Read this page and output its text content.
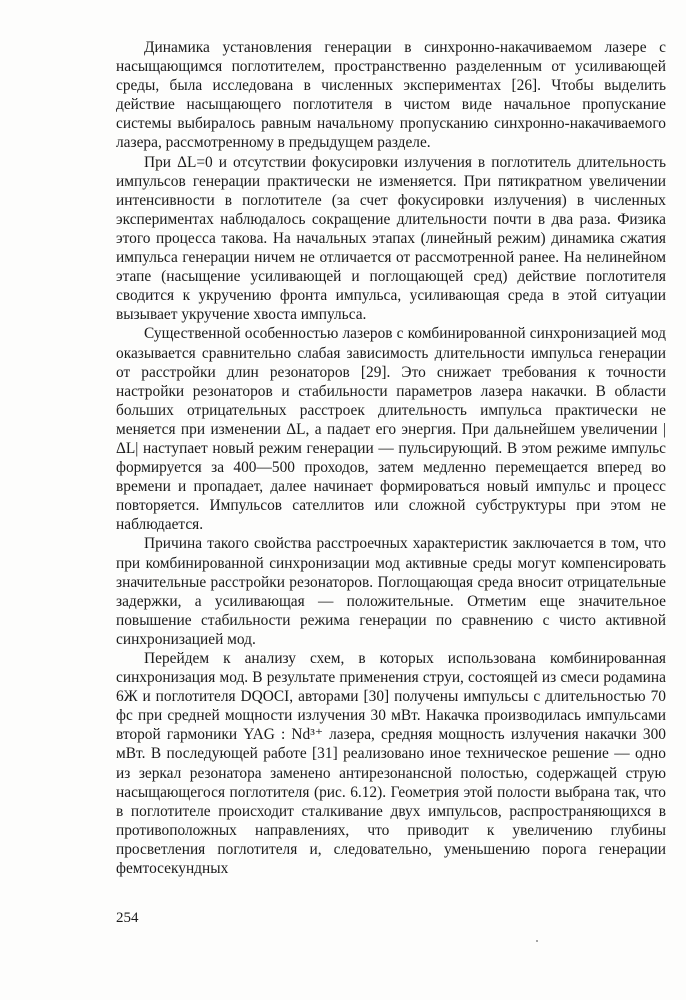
Динамика установления генерации в синхронно-накачиваемом лазере с насыщающимся поглотителем, пространственно разделенным от усиливающей среды, была исследована в численных экспериментах [26]. Чтобы выделить действие насыщающего поглотителя в чистом виде начальное пропускание системы выбиралось равным начальному пропусканию синхронно-накачиваемого лазера, рассмотренному в предыдущем разделе.

При ΔL=0 и отсутствии фокусировки излучения в поглотитель длительность импульсов генерации практически не изменяется. При пятикратном увеличении интенсивности в поглотителе (за счет фокусировки излучения) в численных экспериментах наблюдалось сокращение длительности почти в два раза. Физика этого процесса такова. На начальных этапах (линейный режим) динамика сжатия импульса генерации ничем не отличается от рассмотренной ранее. На нелинейном этапе (насыщение усиливающей и поглощающей сред) действие поглотителя сводится к укручению фронта импульса, усиливающая среда в этой ситуации вызывает укручение хвоста импульса.

Существенной особенностью лазеров с комбинированной синхронизацией мод оказывается сравнительно слабая зависимость длительности импульса генерации от расстройки длин резонаторов [29]. Это снижает требования к точности настройки резонаторов и стабильности параметров лазера накачки. В области больших отрицательных расстроек длительность импульса практически не меняется при изменении ΔL, а падает его энергия. При дальнейшем увеличении |ΔL| наступает новый режим генерации — пульсирующий. В этом режиме импульс формируется за 400—500 проходов, затем медленно перемещается вперед во времени и пропадает, далее начинает формироваться новый импульс и процесс повторяется. Импульсов сателлитов или сложной субструктуры при этом не наблюдается.

Причина такого свойства расстроечных характеристик заключается в том, что при комбинированной синхронизации мод активные среды могут компенсировать значительные расстройки резонаторов. Поглощающая среда вносит отрицательные задержки, а усиливающая — положительные. Отметим еще значительное повышение стабильности режима генерации по сравнению с чисто активной синхронизацией мод.

Перейдем к анализу схем, в которых использована комбинированная синхронизация мод. В результате применения струи, состоящей из смеси родамина 6Ж и поглотителя DQOCI, авторами [30] получены импульсы с длительностью 70 фс при средней мощности излучения 30 мВт. Накачка производилась импульсами второй гармоники YAG : Nd³⁺ лазера, средняя мощность излучения накачки 300 мВт. В последующей работе [31] реализовано иное техническое решение — одно из зеркал резонатора заменено антирезонансной полостью, содержащей струю насыщающегося поглотителя (рис. 6.12). Геометрия этой полости выбрана так, что в поглотителе происходит сталкивание двух импульсов, распространяющихся в противоположных направлениях, что приводит к увеличению глубины просветления поглотителя и, следовательно, уменьшению порога генерации фемтосекундных

254
